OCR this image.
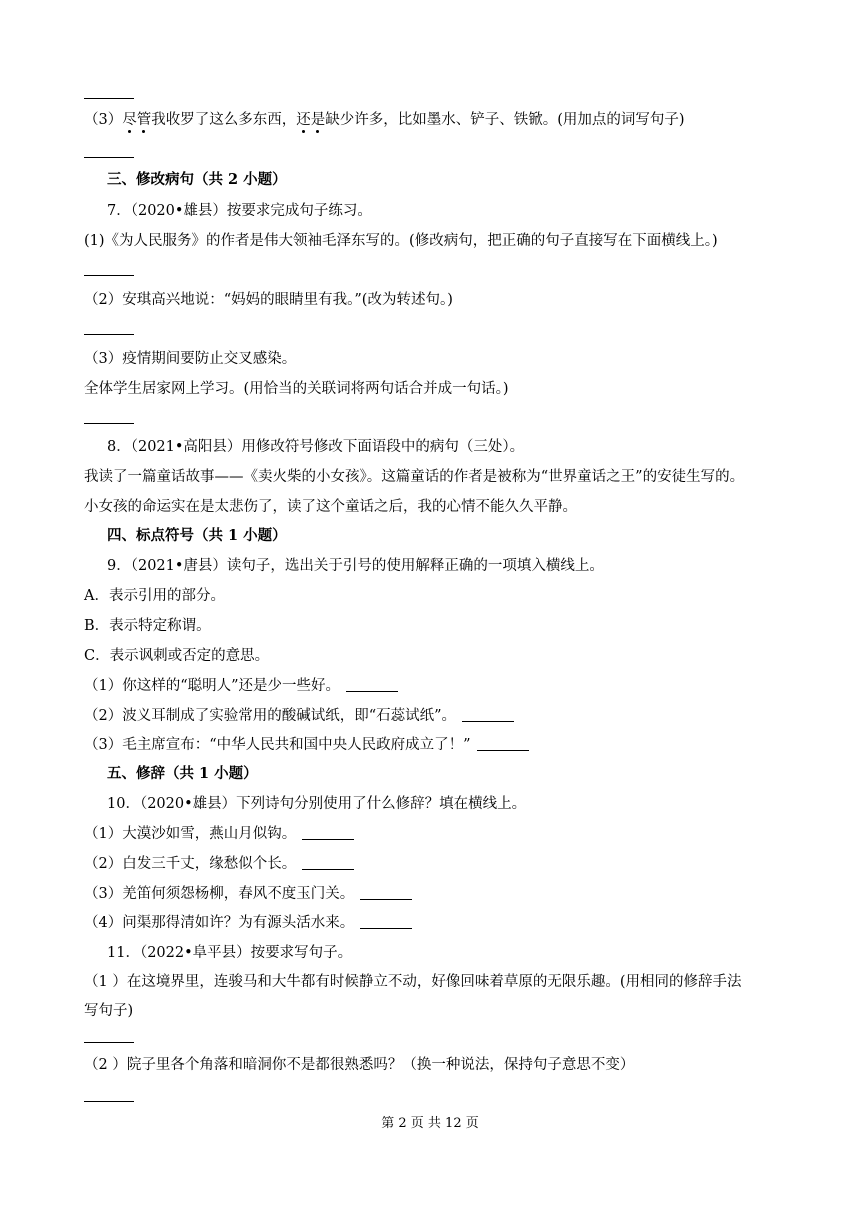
（3）尽管我收罗了这么多东西，还是缺少许多，比如墨水、铲子、铁锨。(用加点的词写句子)
三、修改病句（共 2 小题）
7．（2020•雄县）按要求完成句子练习。
(1)《为人民服务》的作者是伟大领袖毛泽东写的。(修改病句，把正确的句子直接写在下面横线上。)
（2）安琪高兴地说：“妈妈的眼睛里有我。”(改为转述句。)
（3）疫情期间要防止交叉感染。
全体学生居家网上学习。(用恰当的关联词将两句话合并成一句话。)
8．（2021•高阳县）用修改符号修改下面语段中的病句（三处）。
我读了一篇童话故事——《卖火柴的小女孩》。这篇童话的作者是被称为“世界童话之王”的安徒生写的。
小女孩的命运实在是太悲伤了，读了这个童话之后，我的心情不能久久平静。
四、标点符号（共 1 小题）
9．（2021•唐县）读句子，选出关于引号的使用解释正确的一项填入横线上。
A．表示引用的部分。
B．表示特定称谓。
C．表示讽刺或否定的意思。
（1）你这样的“聪明人”还是少一些好。
（2）波义耳制成了实验常用的酸碱试纸，即“石蕊试纸”。
（3）毛主席宣布：“中华人民共和国中央人民政府成立了！”
五、修辞（共 1 小题）
10．（2020•雄县）下列诗句分别使用了什么修辞？填在横线上。
（1）大漠沙如雪，燕山月似钩。
（2）白发三千丈，缘愁似个长。
（3）羌笛何须怨杨柳，春风不度玉门关。
（4）问渠那得清如许？为有源头活水来。
11．（2022•阜平县）按要求写句子。
（1 ）在这境界里，连骏马和大牛都有时候静立不动，好像回味着草原的无限乐趣。(用相同的修辞手法
写句子)
（2 ）院子里各个角落和暗洞你不是都很熟悉吗？（换一种说法，保持句子意思不变）
第 2 页 共 12 页
